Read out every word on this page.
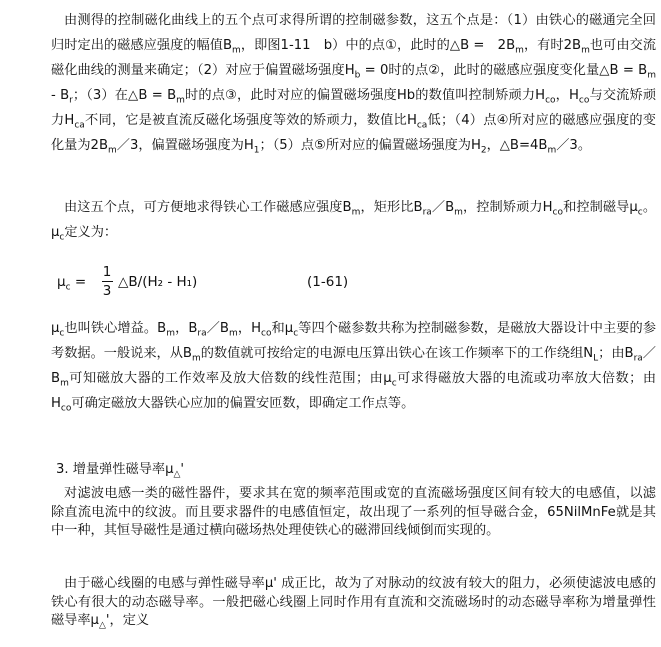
由测得的控制磁化曲线上的五个点可求得所谓的控制磁参数，这五个点是：（1）由铁心的磁通完全回归时定出的磁感应强度的幅值$B_m$，即图1-11　b）中的点①，此时的△B =　$2B_m$，有时$2B_m$也可由交流磁化曲线的测量来确定；（2）对应于偏置磁场强度$H_b = 0$时的点②，此时的磁感应强度变化量△B = $B_m - B_r$；（3）在△B = $B_m$时的点③，此时对应的偏置磁场强度Hb的数值叫控制矫顽力$H_{co}$，$H_{co}$与交流矫顽力$H_{ca}$不同，它是被直流反磁化场强度等效的矫顽力，数值比$H_{ca}$低；（4）点④所对应的磁感应强度的变化量为$2B_m/3$，偏置磁场强度为$H_1$；（5）点⑤所对应的偏置磁场强度为$H_2$，$\triangle B=4B_m/3$。

由这五个点，可方便地求得铁心工作磁感应强度$B_m$，矩形比$B_{ra}/B_m$，控制矫顽力$H_{co}$和控制磁导$\mu_c$。$\mu_c$定义为：

$\mu_c$ =
1
3
△B/(H₂ - H₁)	(1-61)

$\mu_c$也叫铁心增益。$B_m$，$B_{ra}/B_m$，$H_{co}$和$\mu_c$等四个磁参数共称为控制磁参数，是磁放大器设计中主要的参考数据。一般说来，从$B_m$的数值就可按给定的电源电压算出铁心在该工作频率下的工作绕组$N_L$；由$B_{ra}/B_m$可知磁放大器的工作效率及放大倍数的线性范围；由$\mu_c$可求得磁放大器的电流或功率放大倍数；由$H_{co}$可确定磁放大器铁心应加的偏置安匝数，即确定工作点等。

3. 增量弹性磁导率$\mu_\triangle'$

对滤波电感一类的磁性器件，要求其在宽的频率范围或宽的直流磁场强度区间有较大的电感值，以滤除直流电流中的纹波。而且要求器件的电感值恒定，故出现了一系列的恒导磁合金，65NilMnFe就是其中一种，其恒导磁性是通过横向磁场热处理使铁心的磁滞回线倾倒而实现的。

由于磁心线圈的电感与弹性磁导率μ' 成正比，故为了对脉动的纹波有较大的阻力，必须使滤波电感的铁心有很大的动态磁导率。一般把磁心线圈上同时作用有直流和交流磁场时的动态磁导率称为增量弹性磁导率$\mu_\triangle'$，定义
